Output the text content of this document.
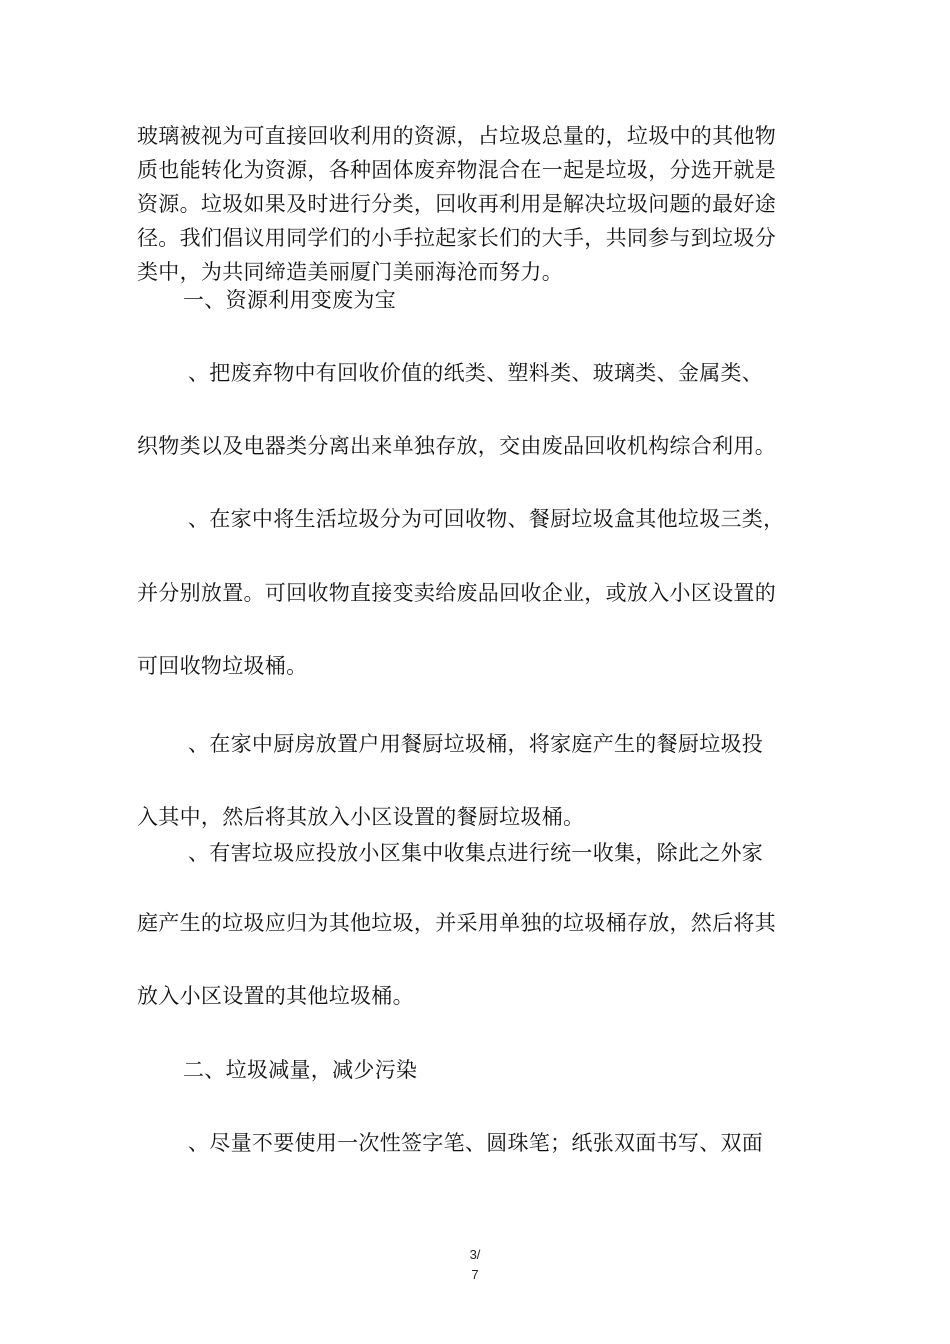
玻璃被视为可直接回收利用的资源，占垃圾总量的，垃圾中的其他物
质也能转化为资源，各种固体废弃物混合在一起是垃圾，分选开就是
资源。垃圾如果及时进行分类，回收再利用是解决垃圾问题的最好途
径。我们倡议用同学们的小手拉起家长们的大手，共同参与到垃圾分
类中，为共同缔造美丽厦门美丽海沧而努力。
一、资源利用变废为宝
、把废弃物中有回收价值的纸类、塑料类、玻璃类、金属类、
织物类以及电器类分离出来单独存放，交由废品回收机构综合利用。
、在家中将生活垃圾分为可回收物、餐厨垃圾盒其他垃圾三类，
并分别放置。可回收物直接变卖给废品回收企业，或放入小区设置的
可回收物垃圾桶。
、在家中厨房放置户用餐厨垃圾桶，将家庭产生的餐厨垃圾投
入其中，然后将其放入小区设置的餐厨垃圾桶。
、有害垃圾应投放小区集中收集点进行统一收集，除此之外家
庭产生的垃圾应归为其他垃圾，并采用单独的垃圾桶存放，然后将其
放入小区设置的其他垃圾桶。
二、垃圾减量，减少污染
、尽量不要使用一次性签字笔、圆珠笔；纸张双面书写、双面
3/
7
